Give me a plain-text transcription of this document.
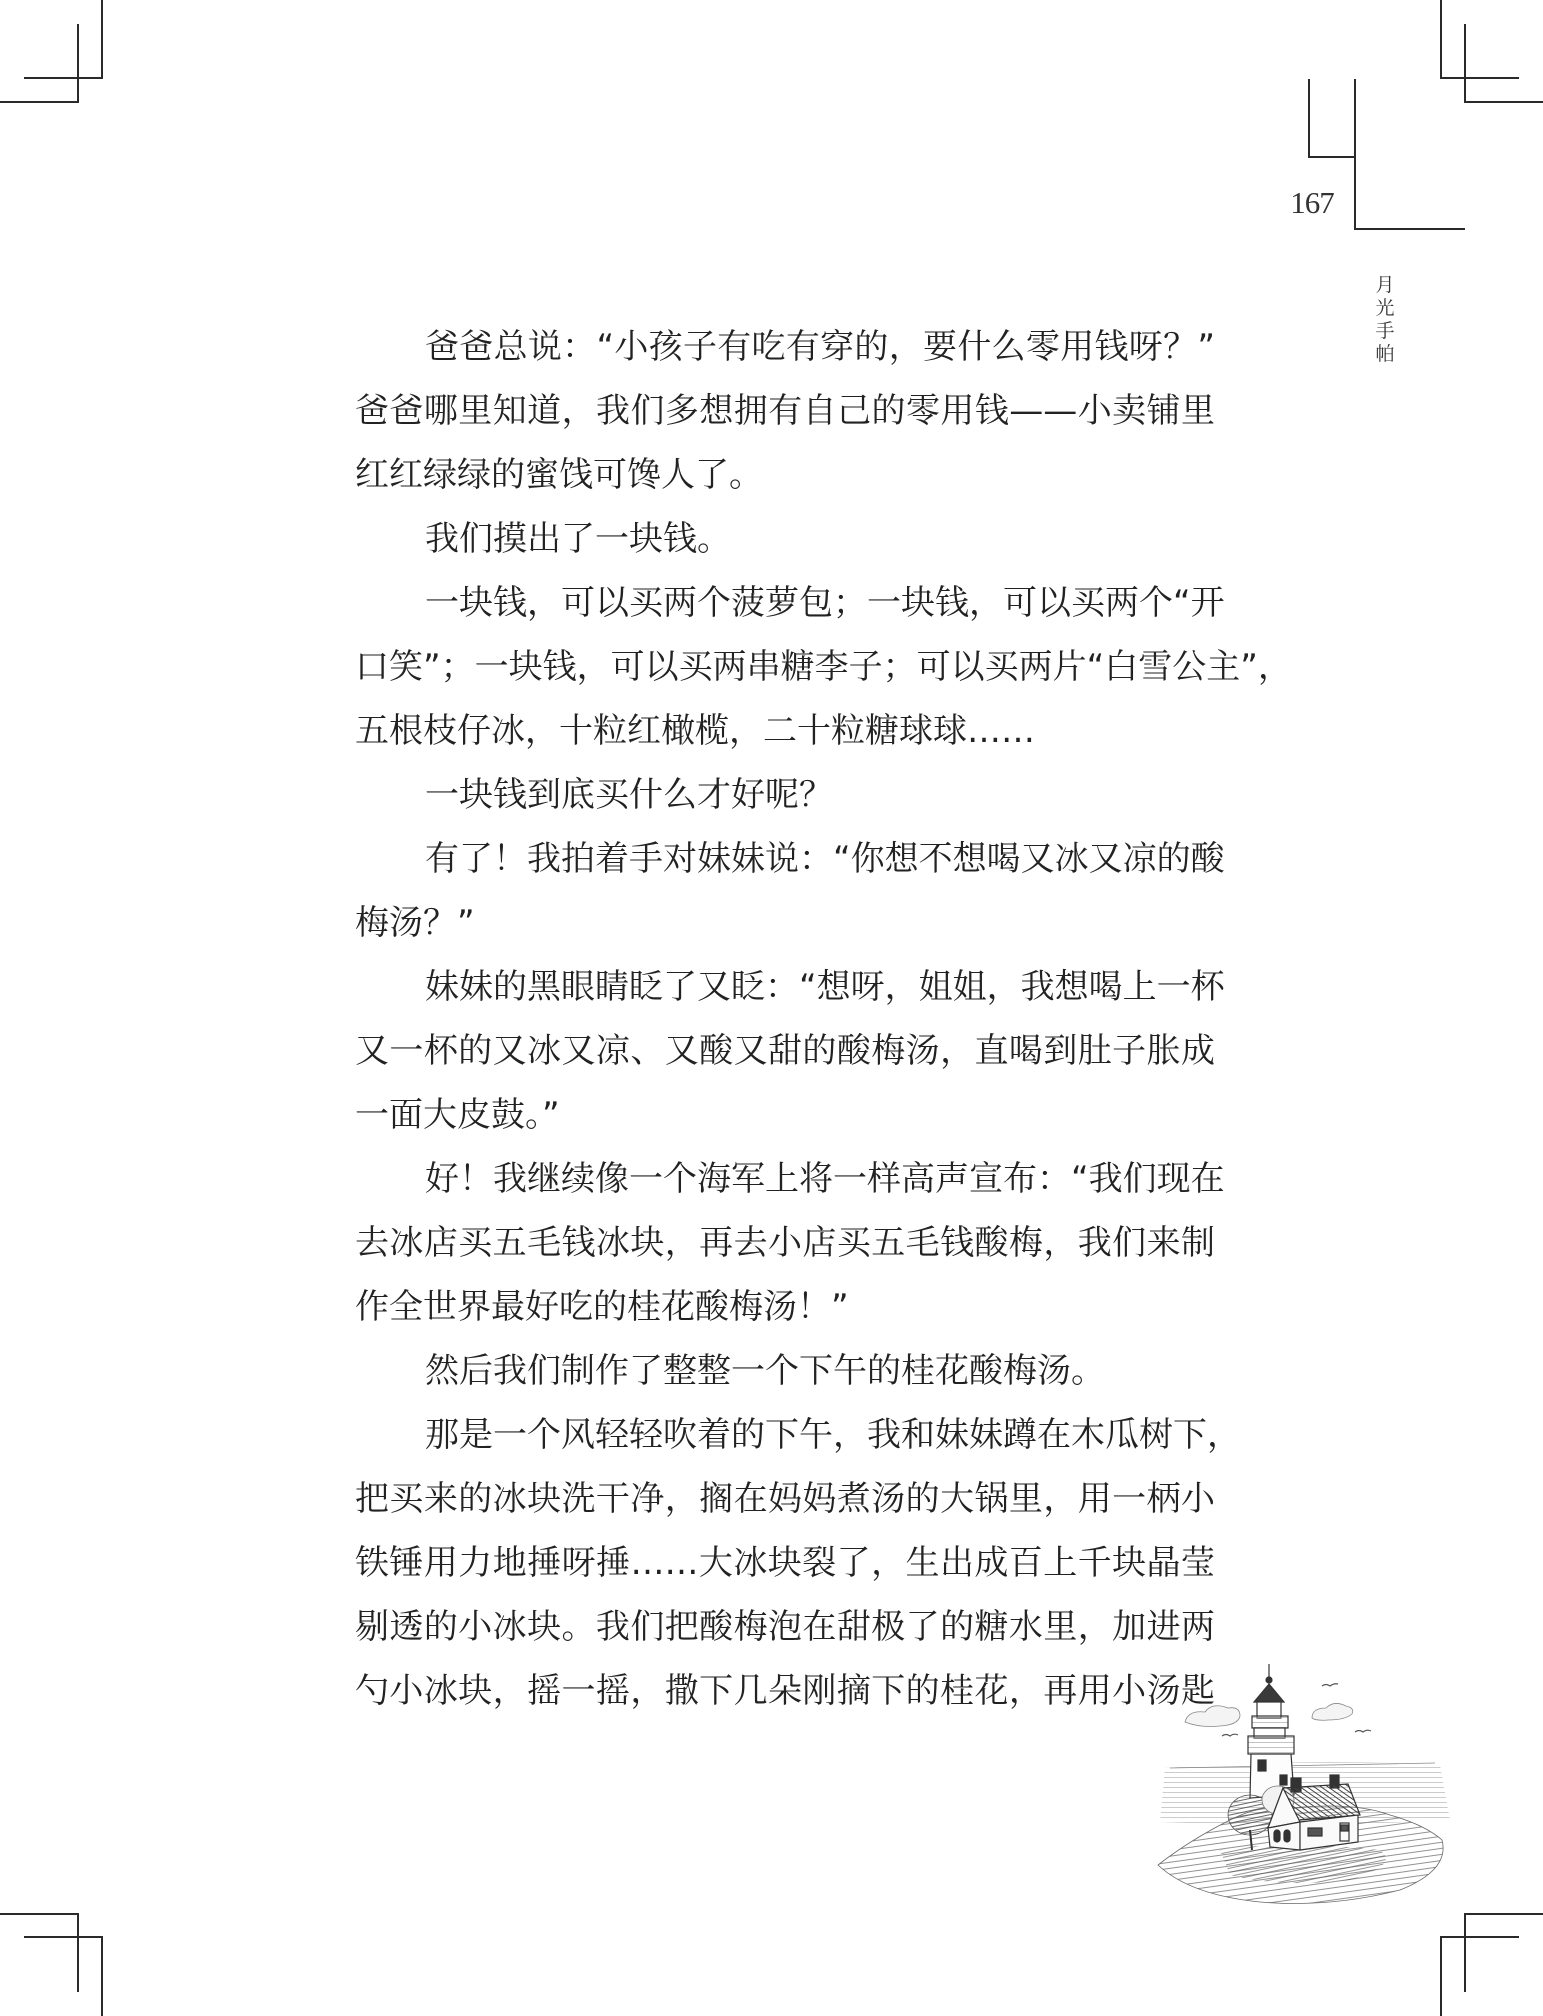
167
月
光
手
帕
爸爸总说：“小孩子有吃有穿的，要什么零用钱呀？”
爸爸哪里知道，我们多想拥有自己的零用钱——小卖铺里
红红绿绿的蜜饯可馋人了。
我们摸出了一块钱。
一块钱，可以买两个菠萝包；一块钱，可以买两个“开
口笑”；一块钱，可以买两串糖李子；可以买两片“白雪公主”，
五根枝仔冰，十粒红橄榄，二十粒糖球球……
一块钱到底买什么才好呢？
有了！我拍着手对妹妹说：“你想不想喝又冰又凉的酸
梅汤？”
妹妹的黑眼睛眨了又眨：“想呀，姐姐，我想喝上一杯
又一杯的又冰又凉、又酸又甜的酸梅汤，直喝到肚子胀成
一面大皮鼓。”
好！我继续像一个海军上将一样高声宣布：“我们现在
去冰店买五毛钱冰块，再去小店买五毛钱酸梅，我们来制
作全世界最好吃的桂花酸梅汤！”
然后我们制作了整整一个下午的桂花酸梅汤。
那是一个风轻轻吹着的下午，我和妹妹蹲在木瓜树下，
把买来的冰块洗干净，搁在妈妈煮汤的大锅里，用一柄小
铁锤用力地捶呀捶……大冰块裂了，生出成百上千块晶莹
剔透的小冰块。我们把酸梅泡在甜极了的糖水里，加进两
勺小冰块，摇一摇，撒下几朵刚摘下的桂花，再用小汤匙
